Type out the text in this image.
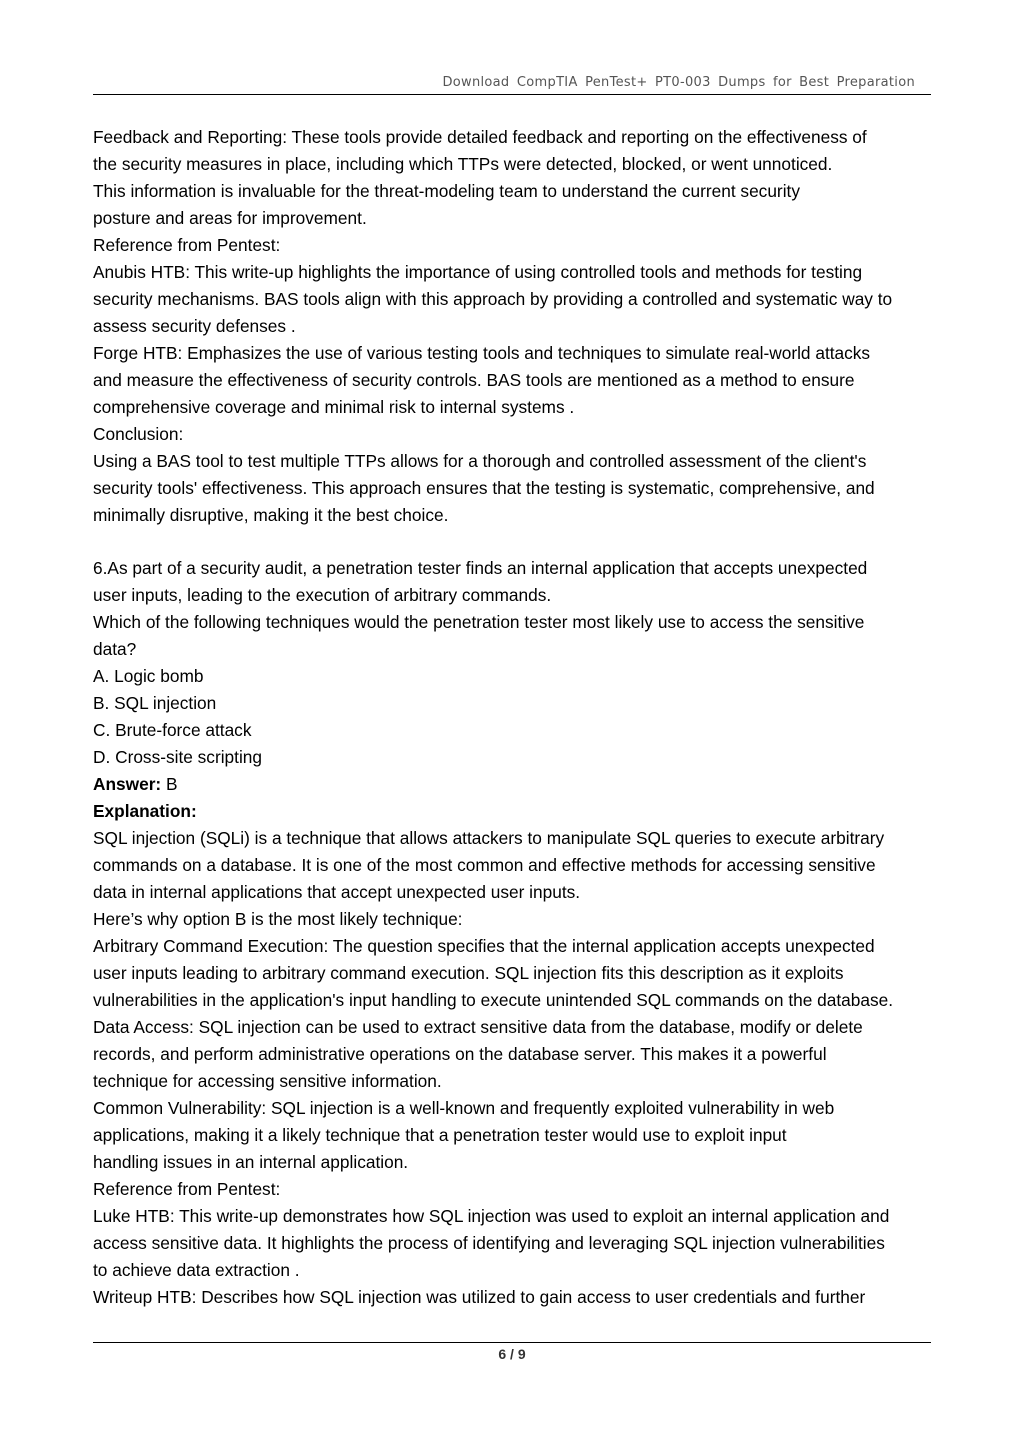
Download CompTIA PenTest+ PT0-003 Dumps for Best Preparation
Feedback and Reporting: These tools provide detailed feedback and reporting on the effectiveness of
the security measures in place, including which TTPs were detected, blocked, or went unnoticed.
This information is invaluable for the threat-modeling team to understand the current security
posture and areas for improvement.
Reference from Pentest:
Anubis HTB: This write-up highlights the importance of using controlled tools and methods for testing
security mechanisms. BAS tools align with this approach by providing a controlled and systematic way to
assess security defenses .
Forge HTB: Emphasizes the use of various testing tools and techniques to simulate real-world attacks
and measure the effectiveness of security controls. BAS tools are mentioned as a method to ensure
comprehensive coverage and minimal risk to internal systems .
Conclusion:
Using a BAS tool to test multiple TTPs allows for a thorough and controlled assessment of the client's
security tools' effectiveness. This approach ensures that the testing is systematic, comprehensive, and
minimally disruptive, making it the best choice.
6.As part of a security audit, a penetration tester finds an internal application that accepts unexpected
user inputs, leading to the execution of arbitrary commands.
Which of the following techniques would the penetration tester most likely use to access the sensitive
data?
A. Logic bomb
B. SQL injection
C. Brute-force attack
D. Cross-site scripting
Answer: B
Explanation:
SQL injection (SQLi) is a technique that allows attackers to manipulate SQL queries to execute arbitrary
commands on a database. It is one of the most common and effective methods for accessing sensitive
data in internal applications that accept unexpected user inputs.
Here’s why option B is the most likely technique:
Arbitrary Command Execution: The question specifies that the internal application accepts unexpected
user inputs leading to arbitrary command execution. SQL injection fits this description as it exploits
vulnerabilities in the application's input handling to execute unintended SQL commands on the database.
Data Access: SQL injection can be used to extract sensitive data from the database, modify or delete
records, and perform administrative operations on the database server. This makes it a powerful
technique for accessing sensitive information.
Common Vulnerability: SQL injection is a well-known and frequently exploited vulnerability in web
applications, making it a likely technique that a penetration tester would use to exploit input
handling issues in an internal application.
Reference from Pentest:
Luke HTB: This write-up demonstrates how SQL injection was used to exploit an internal application and
access sensitive data. It highlights the process of identifying and leveraging SQL injection vulnerabilities
to achieve data extraction .
Writeup HTB: Describes how SQL injection was utilized to gain access to user credentials and further
6 / 9
